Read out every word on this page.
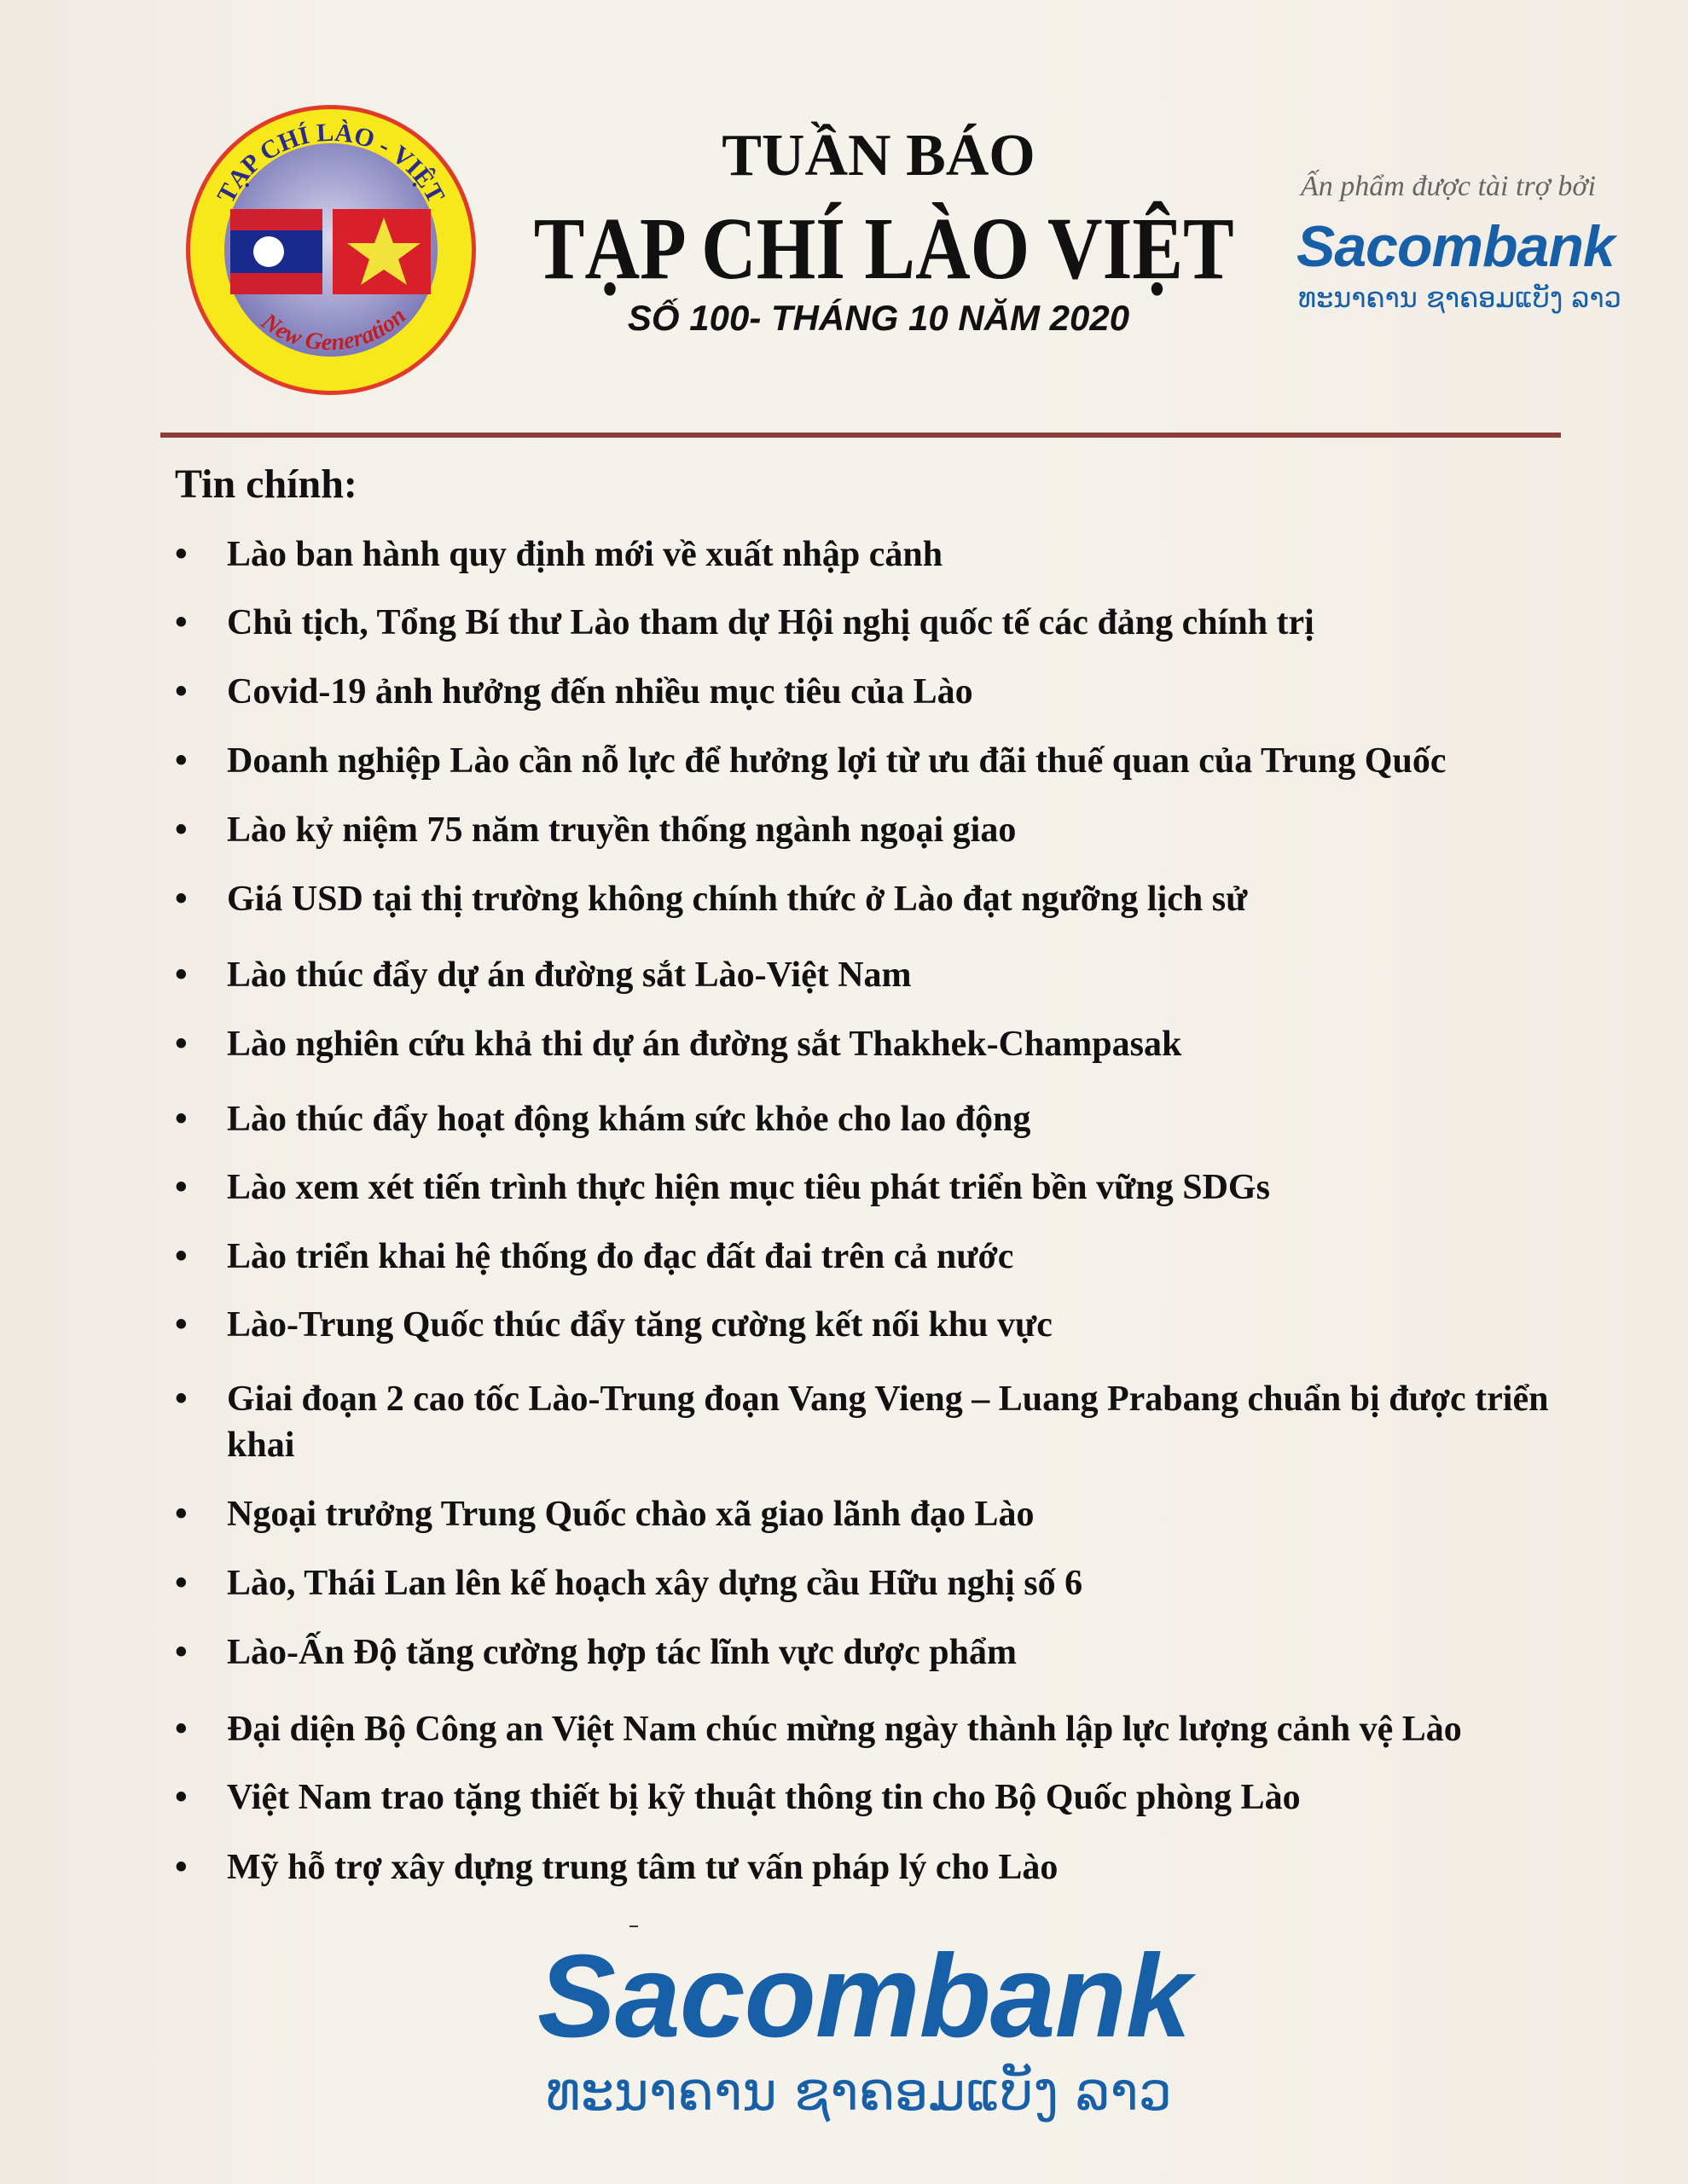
TẠP CHÍ LÀO - VIỆT
New Generation
TUẦN BÁO
TẠP CHÍ LÀO VIỆT
SỐ 100- THÁNG 10 NĂM 2020
Ấn phẩm được tài trợ bởi
Sacombank
ທະນາຄານ ຊາຄອມແບັງ ລາວ
Tin chính:
•	Lào ban hành quy định mới về xuất nhập cảnh
•	Chủ tịch, Tổng Bí thư Lào tham dự Hội nghị quốc tế các đảng chính trị
•	Covid-19 ảnh hưởng đến nhiều mục tiêu của Lào
•	Doanh nghiệp Lào cần nỗ lực để hưởng lợi từ ưu đãi thuế quan của Trung Quốc
•	Lào kỷ niệm 75 năm truyền thống ngành ngoại giao
•	Giá USD tại thị trường không chính thức ở Lào đạt ngưỡng lịch sử
•	Lào thúc đẩy dự án đường sắt Lào-Việt Nam
•	Lào nghiên cứu khả thi dự án đường sắt Thakhek-Champasak
•	Lào thúc đẩy hoạt động khám sức khỏe cho lao động
•	Lào xem xét tiến trình thực hiện mục tiêu phát triển bền vững SDGs
•	Lào triển khai hệ thống đo đạc đất đai trên cả nước
•	Lào-Trung Quốc thúc đẩy tăng cường kết nối khu vực
•	Giai đoạn 2 cao tốc Lào-Trung đoạn Vang Vieng – Luang Prabang chuẩn bị được triển khai
•	Ngoại trưởng Trung Quốc chào xã giao lãnh đạo Lào
•	Lào, Thái Lan lên kế hoạch xây dựng cầu Hữu nghị số 6
•	Lào-Ấn Độ tăng cường hợp tác lĩnh vực dược phẩm
•	Đại diện Bộ Công an Việt Nam chúc mừng ngày thành lập lực lượng cảnh vệ Lào
•	Việt Nam trao tặng thiết bị kỹ thuật thông tin cho Bộ Quốc phòng Lào
•	Mỹ hỗ trợ xây dựng trung tâm tư vấn pháp lý cho Lào
Sacombank
ທະນາຄານ ຊາຄອມແບັງ ລາວ
